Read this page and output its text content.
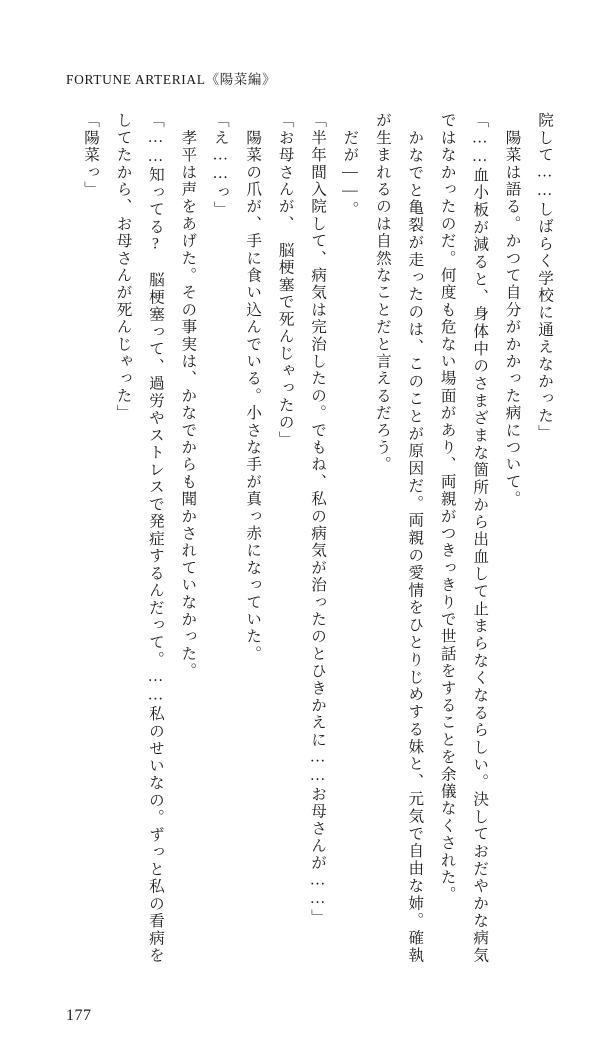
FORTUNE ARTERIAL《陽菜編》

院して……しばらく学校に通えなかった」

　陽菜は語る。かつて自分がかかった病について。

「……血小板が減ると、身体中のさまざまな箇所から出血して止まらなくなるらしい。決しておだやかな病気ではなかったのだ。何度も危ない場面があり、両親がつきっきりで世話をすることを余儀なくされた。

　かなでと亀裂が走ったのは、このことが原因だ。両親の愛情をひとりじめする妹と、元気で自由な姉。確執が生まれるのは自然なことだと言えるだろう。

　だが――。

「半年間入院して、病気は完治したの。でもね、私の病気が治ったのとひきかえに……お母さんが……」

「お母さんが、　脳梗塞で死んじゃったの」

　陽菜の爪が、手に食い込んでいる。小さな手が真っ赤になっていた。

「え……っ」

　孝平は声をあげた。その事実は、かなでからも聞かされていなかった。

「……知ってる?　脳梗塞って、過労やストレスで発症するんだって。……私のせいなの。ずっと私の看病をしてたから、お母さんが死んじゃった」

「陽菜っ」

177
